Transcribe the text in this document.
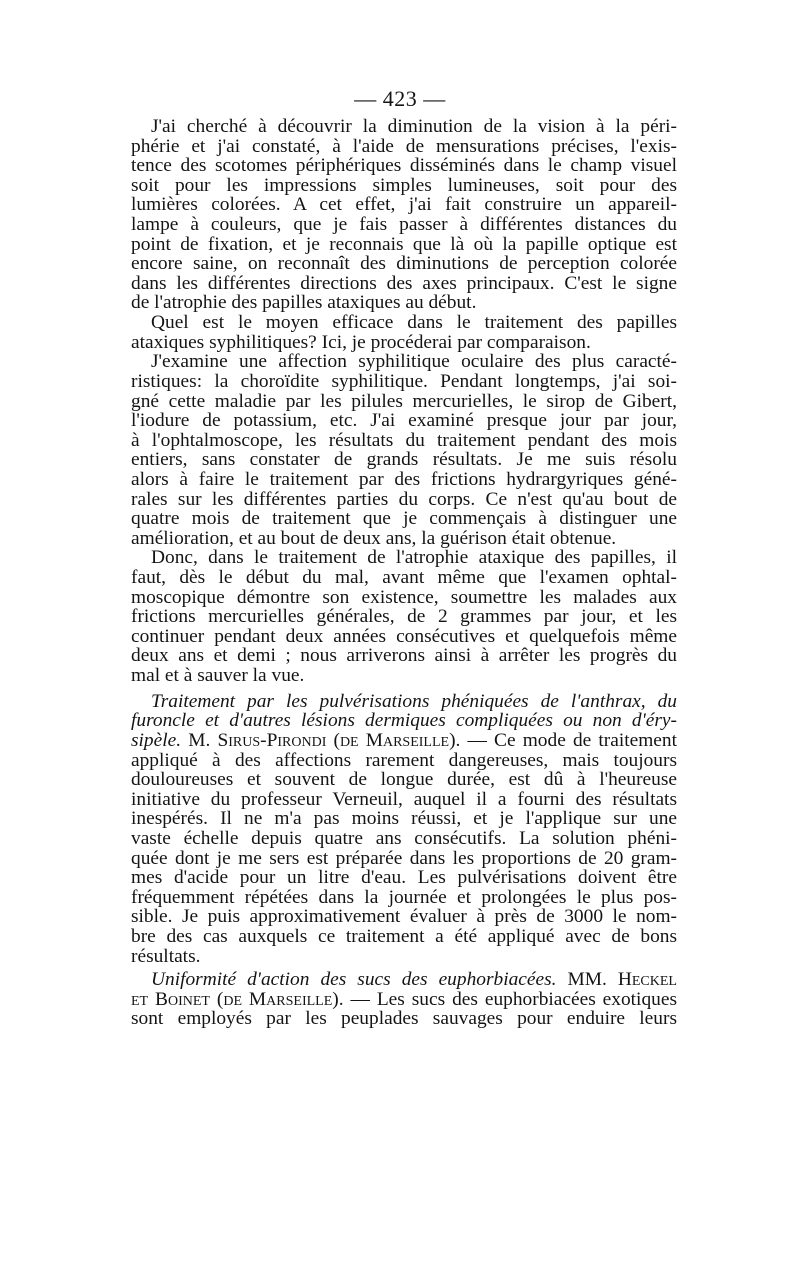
— 423 —
J'ai cherché à découvrir la diminution de la vision à la péri-
phérie et j'ai constaté, à l'aide de mensurations précises, l'exis-
tence des scotomes périphériques disséminés dans le champ visuel
soit pour les impressions simples lumineuses, soit pour des
lumières colorées. A cet effet, j'ai fait construire un appareil-
lampe à couleurs, que je fais passer à différentes distances du
point de fixation, et je reconnais que là où la papille optique est
encore saine, on reconnaît des diminutions de perception colorée
dans les différentes directions des axes principaux. C'est le signe
de l'atrophie des papilles ataxiques au début.
Quel est le moyen efficace dans le traitement des papilles
ataxiques syphilitiques? Ici, je procéderai par comparaison.
J'examine une affection syphilitique oculaire des plus caracté-
ristiques: la choroïdite syphilitique. Pendant longtemps, j'ai soi-
gné cette maladie par les pilules mercurielles, le sirop de Gibert,
l'iodure de potassium, etc. J'ai examiné presque jour par jour,
à l'ophtalmoscope, les résultats du traitement pendant des mois
entiers, sans constater de grands résultats. Je me suis résolu
alors à faire le traitement par des frictions hydrargyriques géné-
rales sur les différentes parties du corps. Ce n'est qu'au bout de
quatre mois de traitement que je commençais à distinguer une
amélioration, et au bout de deux ans, la guérison était obtenue.
Donc, dans le traitement de l'atrophie ataxique des papilles, il
faut, dès le début du mal, avant même que l'examen ophtal-
moscopique démontre son existence, soumettre les malades aux
frictions mercurielles générales, de 2 grammes par jour, et les
continuer pendant deux années consécutives et quelquefois même
deux ans et demi ; nous arriverons ainsi à arrêter les progrès du
mal et à sauver la vue.
Traitement par les pulvérisations phéniquées de l'anthrax, du
furoncle et d'autres lésions dermiques compliquées ou non d'éry-
sipèle. M. Sirus-Pirondi (de Marseille). — Ce mode de traitement
appliqué à des affections rarement dangereuses, mais toujours
douloureuses et souvent de longue durée, est dû à l'heureuse
initiative du professeur Verneuil, auquel il a fourni des résultats
inespérés. Il ne m'a pas moins réussi, et je l'applique sur une
vaste échelle depuis quatre ans consécutifs. La solution phéni-
quée dont je me sers est préparée dans les proportions de 20 gram-
mes d'acide pour un litre d'eau. Les pulvérisations doivent être
fréquemment répétées dans la journée et prolongées le plus pos-
sible. Je puis approximativement évaluer à près de 3000 le nom-
bre des cas auxquels ce traitement a été appliqué avec de bons
résultats.
Uniformité d'action des sucs des euphorbiacées. MM. Heckel
et Boinet (de Marseille). — Les sucs des euphorbiacées exotiques
sont employés par les peuplades sauvages pour enduire leurs
